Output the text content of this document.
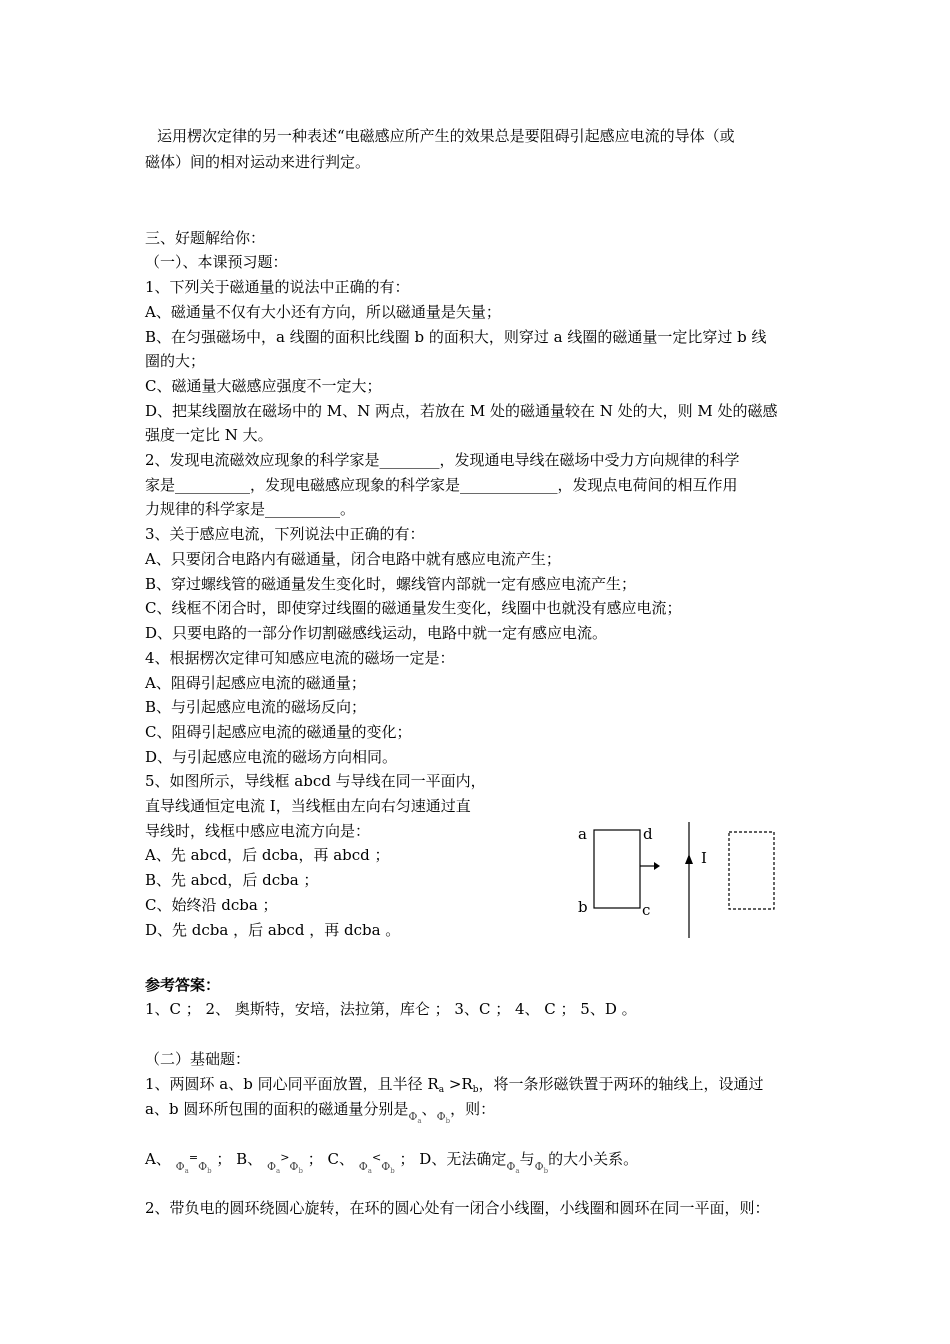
运用楞次定律的另一种表述“电磁感应所产生的效果总是要阻碍引起感应电流的导体（或
磁体）间的相对运动来进行判定。
三、好题解给你：
（一）、本课预习题：
1、下列关于磁通量的说法中正确的有：
A、磁通量不仅有大小还有方向，所以磁通量是矢量；
B、在匀强磁场中，a 线圈的面积比线圈 b 的面积大，则穿过 a 线圈的磁通量一定比穿过 b 线
圈的大；
C、磁通量大磁感应强度不一定大；
D、把某线圈放在磁场中的 M、N 两点，若放在 M 处的磁通量较在 N 处的大，则 M 处的磁感
强度一定比 N 大。
2、发现电流磁效应现象的科学家是________，发现通电导线在磁场中受力方向规律的科学
家是__________，发现电磁感应现象的科学家是_____________，发现点电荷间的相互作用
力规律的科学家是__________。
3、关于感应电流，下列说法中正确的有：
A、只要闭合电路内有磁通量，闭合电路中就有感应电流产生；
B、穿过螺线管的磁通量发生变化时，螺线管内部就一定有感应电流产生；
C、线框不闭合时，即使穿过线圈的磁通量发生变化，线圈中也就没有感应电流；
D、只要电路的一部分作切割磁感线运动，电路中就一定有感应电流。
4、根据楞次定律可知感应电流的磁场一定是：
A、阻碍引起感应电流的磁通量；
B、与引起感应电流的磁场反向；
C、阻碍引起感应电流的磁通量的变化；
D、与引起感应电流的磁场方向相同。
5、如图所示，导线框 abcd 与导线在同一平面内，
直导线通恒定电流 I，当线框由左向右匀速通过直
导线时，线框中感应电流方向是：
A、先 abcd，后 dcba，再 abcd ；
B、先 abcd，后 dcba ；
C、始终沿 dcba ；
D、先 dcba ，后 abcd ，再 dcba 。
a	d
b	c
I
参考答案：
1、C ； 2、 奥斯特，安培，法拉第，库仑 ； 3、C ； 4、 C ； 5、D 。
（二）基础题：
1、两圆环 a、b 同心同平面放置，且半径 $R_a >R_b$，将一条形磁铁置于两环的轴线上，设通过
a、b 圆环所包围的面积的磁通量分别是$\Phi_a$、$\Phi_b$，则：
A、 $\Phi_a^=\Phi_b$ ； B、 $\Phi_a^>\Phi_b$ ； C、 $\Phi_a^<\Phi_b$ ； D、无法确定$\Phi_a$与$\Phi_b$的大小关系。
2、带负电的圆环绕圆心旋转，在环的圆心处有一闭合小线圈，小线圈和圆环在同一平面，则：
